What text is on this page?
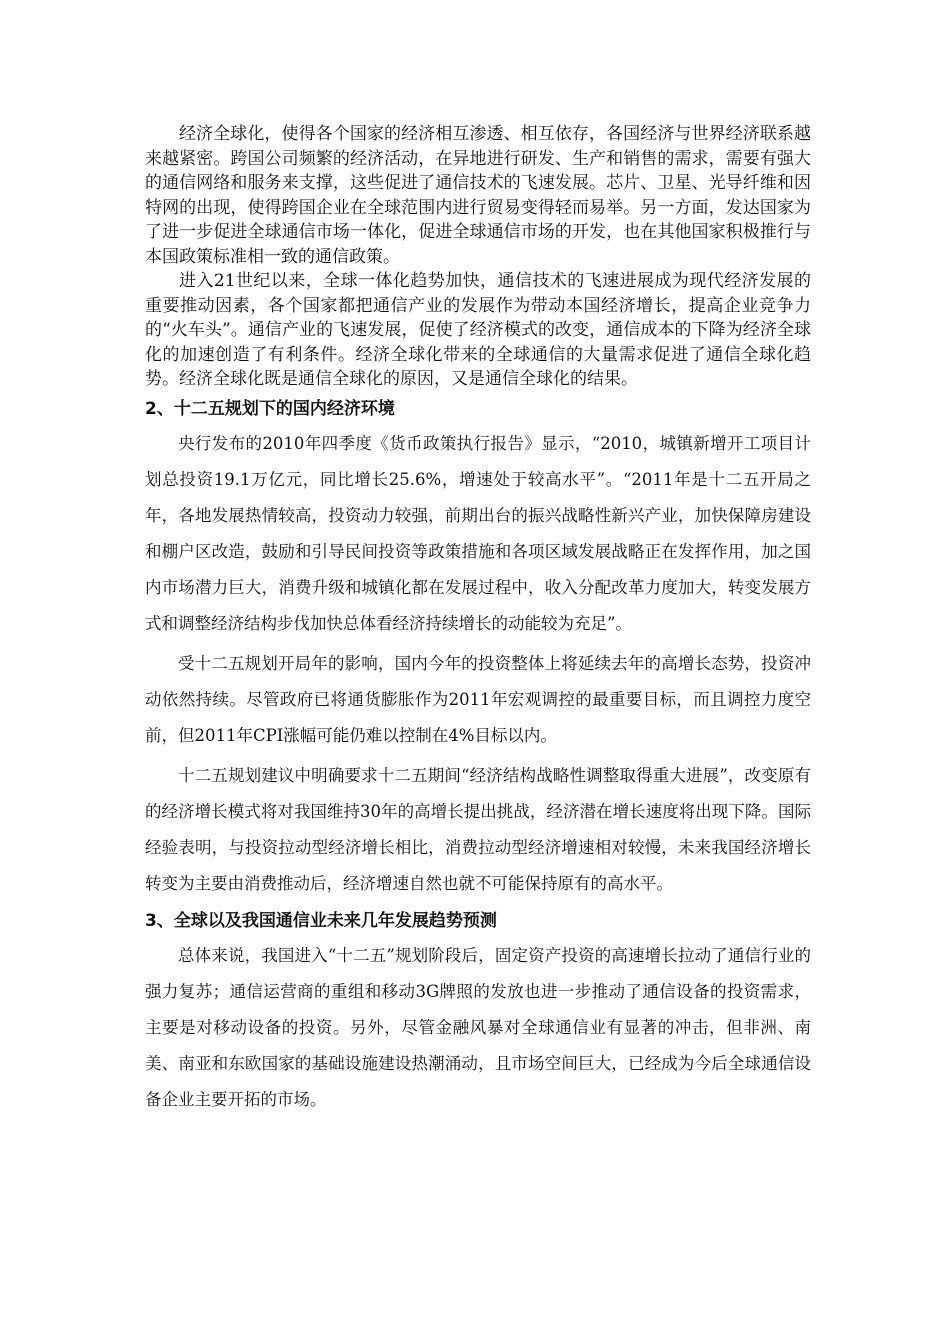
经济全球化，使得各个国家的经济相互渗透、相互依存，各国经济与世界经济联系越来越紧密。跨国公司频繁的经济活动，在异地进行研发、生产和销售的需求，需要有强大的通信网络和服务来支撑，这些促进了通信技术的飞速发展。芯片、卫星、光导纤维和因特网的出现，使得跨国企业在全球范围内进行贸易变得轻而易举。另一方面，发达国家为了进一步促进全球通信市场一体化，促进全球通信市场的开发，也在其他国家积极推行与本国政策标准相一致的通信政策。

进入21世纪以来，全球一体化趋势加快，通信技术的飞速进展成为现代经济发展的重要推动因素，各个国家都把通信产业的发展作为带动本国经济增长，提高企业竞争力的“火车头”。通信产业的飞速发展，促使了经济模式的改变，通信成本的下降为经济全球化的加速创造了有利条件。经济全球化带来的全球通信的大量需求促进了通信全球化趋势。经济全球化既是通信全球化的原因，又是通信全球化的结果。

2、十二五规划下的国内经济环境

央行发布的2010年四季度《货币政策执行报告》显示，“2010，城镇新增开工项目计划总投资19.1万亿元，同比增长25.6%，增速处于较高水平”。“2011年是十二五开局之年，各地发展热情较高，投资动力较强，前期出台的振兴战略性新兴产业，加快保障房建设和棚户区改造，鼓励和引导民间投资等政策措施和各项区域发展战略正在发挥作用，加之国内市场潜力巨大，消费升级和城镇化都在发展过程中，收入分配改革力度加大，转变发展方式和调整经济结构步伐加快总体看经济持续增长的动能较为充足”。

受十二五规划开局年的影响，国内今年的投资整体上将延续去年的高增长态势，投资冲动依然持续。尽管政府已将通货膨胀作为2011年宏观调控的最重要目标，而且调控力度空前，但2011年CPI涨幅可能仍难以控制在4%目标以内。

十二五规划建议中明确要求十二五期间“经济结构战略性调整取得重大进展”，改变原有的经济增长模式将对我国维持30年的高增长提出挑战，经济潜在增长速度将出现下降。国际经验表明，与投资拉动型经济增长相比，消费拉动型经济增速相对较慢，未来我国经济增长转变为主要由消费推动后，经济增速自然也就不可能保持原有的高水平。

3、全球以及我国通信业未来几年发展趋势预测

总体来说，我国进入“十二五”规划阶段后，固定资产投资的高速增长拉动了通信行业的强力复苏；通信运营商的重组和移动3G牌照的发放也进一步推动了通信设备的投资需求，主要是对移动设备的投资。另外，尽管金融风暴对全球通信业有显著的冲击，但非洲、南美、南亚和东欧国家的基础设施建设热潮涌动，且市场空间巨大，已经成为今后全球通信设备企业主要开拓的市场。
